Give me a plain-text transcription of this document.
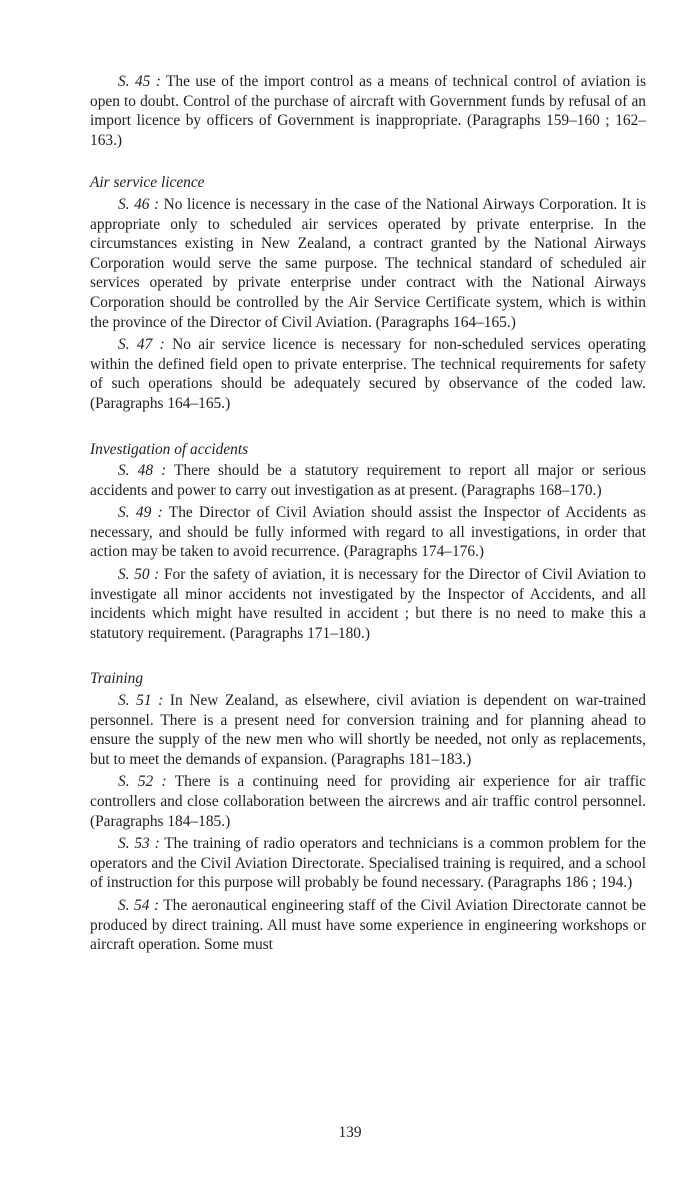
S. 45 : The use of the import control as a means of technical control of aviation is open to doubt. Control of the purchase of aircraft with Government funds by refusal of an import licence by officers of Government is inappropriate. (Paragraphs 159–160 ; 162–163.)

Air service licence

S. 46 : No licence is necessary in the case of the National Airways Corporation. It is appropriate only to scheduled air services operated by private enterprise. In the circumstances existing in New Zealand, a contract granted by the National Airways Corporation would serve the same purpose. The technical standard of scheduled air services operated by private enterprise under contract with the National Airways Corporation should be controlled by the Air Service Certificate system, which is within the province of the Director of Civil Aviation. (Paragraphs 164–165.)

S. 47 : No air service licence is necessary for non-scheduled services operating within the defined field open to private enterprise. The technical requirements for safety of such operations should be adequately secured by observance of the coded law. (Paragraphs 164–165.)

Investigation of accidents

S. 48 : There should be a statutory requirement to report all major or serious accidents and power to carry out investigation as at present. (Paragraphs 168–170.)

S. 49 : The Director of Civil Aviation should assist the Inspector of Accidents as necessary, and should be fully informed with regard to all investigations, in order that action may be taken to avoid recurrence. (Paragraphs 174–176.)

S. 50 : For the safety of aviation, it is necessary for the Director of Civil Aviation to investigate all minor accidents not investigated by the Inspector of Accidents, and all incidents which might have resulted in accident ; but there is no need to make this a statutory requirement. (Paragraphs 171–180.)

Training

S. 51 : In New Zealand, as elsewhere, civil aviation is dependent on war-trained personnel. There is a present need for conversion training and for planning ahead to ensure the supply of the new men who will shortly be needed, not only as replacements, but to meet the demands of expansion. (Paragraphs 181–183.)

S. 52 : There is a continuing need for providing air experience for air traffic controllers and close collaboration between the aircrews and air traffic control personnel. (Paragraphs 184–185.)

S. 53 : The training of radio operators and technicians is a common problem for the operators and the Civil Aviation Directorate. Specialised training is required, and a school of instruction for this purpose will probably be found necessary. (Paragraphs 186 ; 194.)

S. 54 : The aeronautical engineering staff of the Civil Aviation Directorate cannot be produced by direct training. All must have some experience in engineering workshops or aircraft operation. Some must

139
